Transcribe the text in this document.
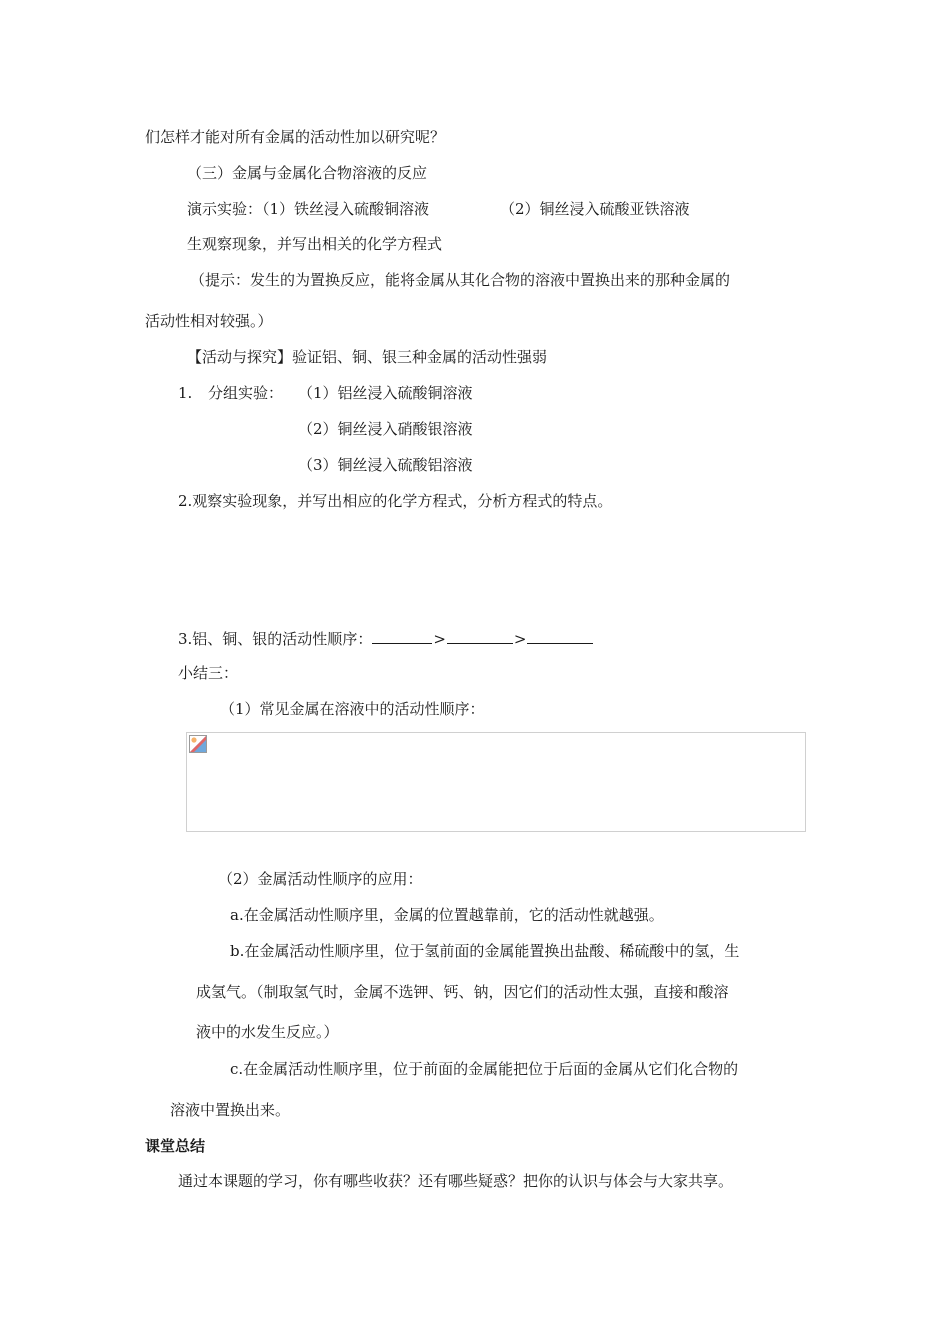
们怎样才能对所有金属的活动性加以研究呢？
（三）金属与金属化合物溶液的反应
演示实验：（1）铁丝浸入硫酸铜溶液	（2）铜丝浸入硫酸亚铁溶液
生观察现象，并写出相关的化学方程式
（提示：发生的为置换反应，能将金属从其化合物的溶液中置换出来的那种金属的
活动性相对较强。）
【活动与探究】验证铝、铜、银三种金属的活动性强弱
1. 分组实验： （1）铝丝浸入硫酸铜溶液
（2）铜丝浸入硝酸银溶液
（3）铜丝浸入硫酸铝溶液
2.观察实验现象，并写出相应的化学方程式，分析方程式的特点。
3.铝、铜、银的活动性顺序：	>	>
小结三：
（1）常见金属在溶液中的活动性顺序：
（2）金属活动性顺序的应用：
a.在金属活动性顺序里，金属的位置越靠前，它的活动性就越强。
b.在金属活动性顺序里，位于氢前面的金属能置换出盐酸、稀硫酸中的氢，生
成氢气。（制取氢气时，金属不选钾、钙、钠，因它们的活动性太强，直接和酸溶
液中的水发生反应。）
c.在金属活动性顺序里，位于前面的金属能把位于后面的金属从它们化合物的
溶液中置换出来。
课堂总结
通过本课题的学习，你有哪些收获？还有哪些疑惑？把你的认识与体会与大家共享。
